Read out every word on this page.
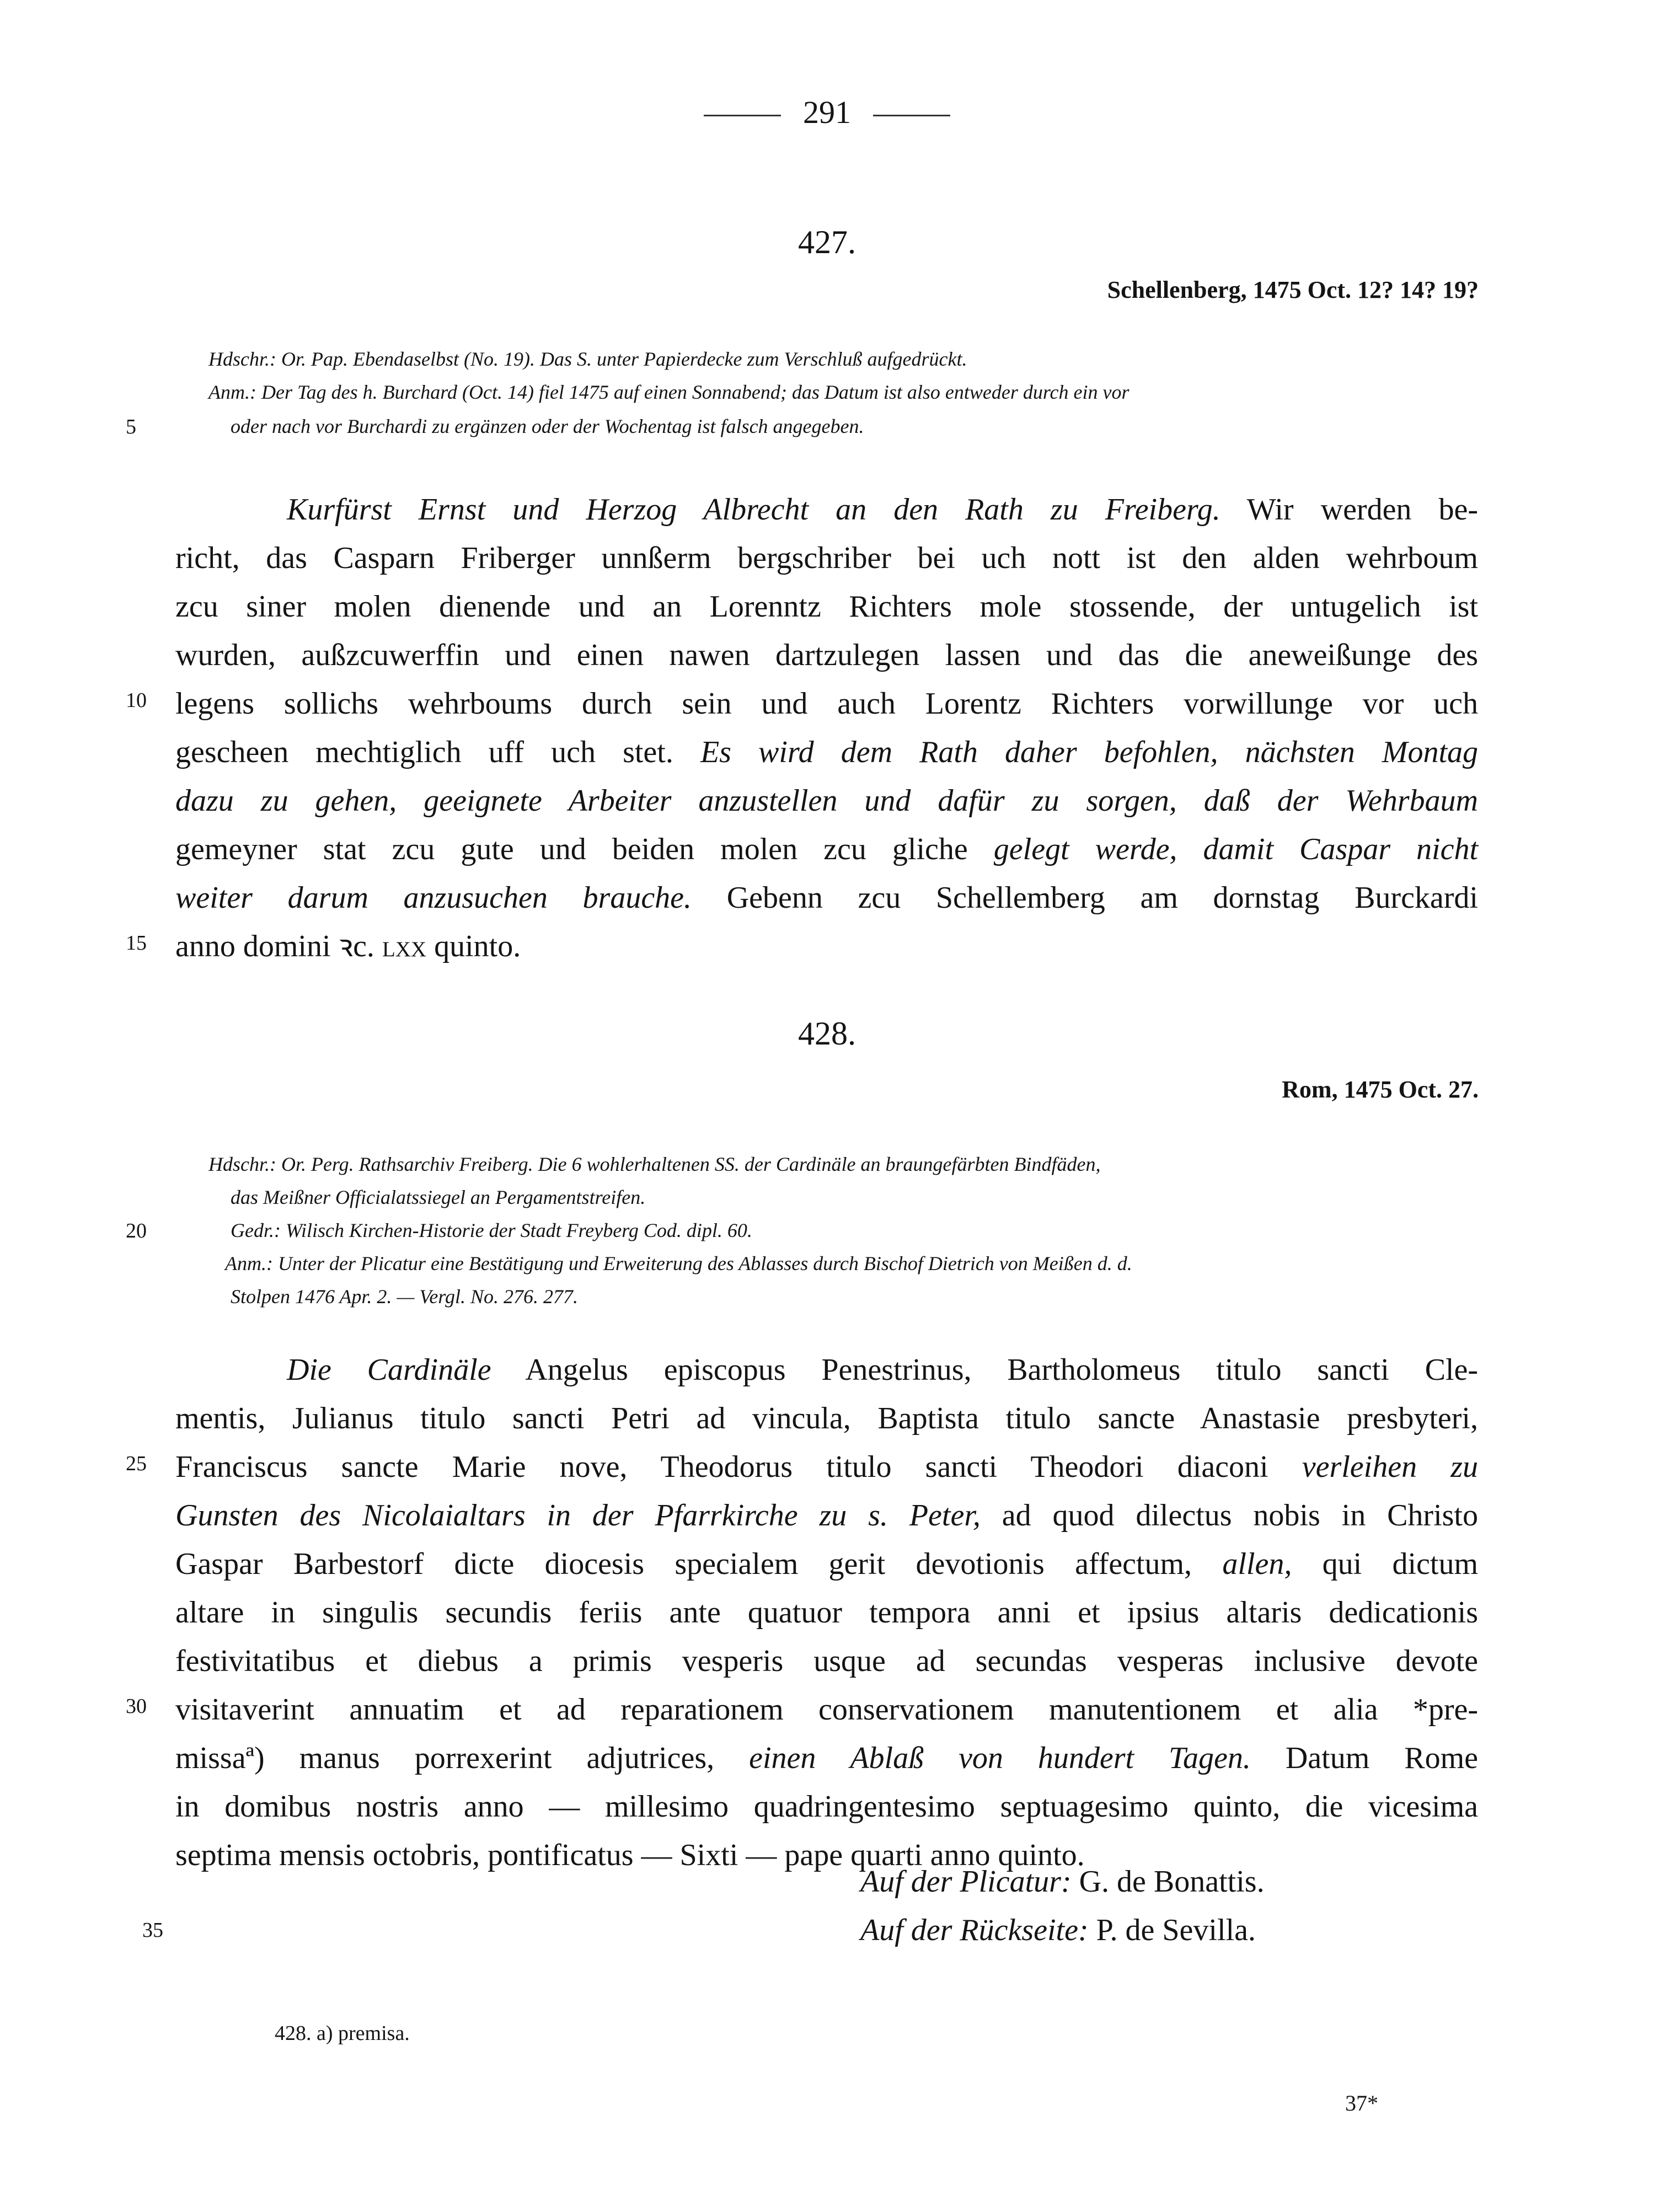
291
427.
Schellenberg, 1475 Oct. 12? 14? 19?
Hdschr.: Or. Pap. Ebendaselbst (No. 19). Das S. unter Papierdecke zum Verschluß aufgedrückt.
Anm.: Der Tag des h. Burchard (Oct. 14) fiel 1475 auf einen Sonnabend; das Datum ist also entweder durch ein vor
oder nach vor Burchardi zu ergänzen oder der Wochentag ist falsch angegeben.
5
Kurfürst Ernst und Herzog Albrecht an den Rath zu Freiberg. Wir werden be-
richt, das Casparn Friberger unnßerm bergschriber bei uch nott ist den alden wehrboum
zcu siner molen dienende und an Lorenntz Richters mole stossende, der untugelich ist
wurden, außzcuwerffin und einen nawen dartzulegen lassen und das die aneweißunge des
legens sollichs wehrboums durch sein und auch Lorentz Richters vorwillunge vor uch
gescheen mechtiglich uff uch stet. Es wird dem Rath daher befohlen, nächsten Montag
dazu zu gehen, geeignete Arbeiter anzustellen und dafür zu sorgen, daß der Wehrbaum
gemeyner stat zcu gute und beiden molen zcu gliche gelegt werde, damit Caspar nicht
weiter darum anzusuchen brauche. Gebenn zcu Schellemberg am dornstag Burckardi
anno domini ꝛc. lxx quinto.
10
15
428.
Rom, 1475 Oct. 27.
Hdschr.: Or. Perg. Rathsarchiv Freiberg. Die 6 wohlerhaltenen SS. der Cardinäle an braungefärbten Bindfäden,
das Meißner Officialatssiegel an Pergamentstreifen.
Gedr.: Wilisch Kirchen-Historie der Stadt Freyberg Cod. dipl. 60.
20
Anm.: Unter der Plicatur eine Bestätigung und Erweiterung des Ablasses durch Bischof Dietrich von Meißen d. d.
Stolpen 1476 Apr. 2. — Vergl. No. 276. 277.
Die Cardinäle Angelus episcopus Penestrinus, Bartholomeus titulo sancti Cle-
mentis, Julianus titulo sancti Petri ad vincula, Baptista titulo sancte Anastasie presbyteri,
Franciscus sancte Marie nove, Theodorus titulo sancti Theodori diaconi verleihen zu
Gunsten des Nicolaialtars in der Pfarrkirche zu s. Peter, ad quod dilectus nobis in Christo
Gaspar Barbestorf dicte diocesis specialem gerit devotionis affectum, allen, qui dictum
altare in singulis secundis feriis ante quatuor tempora anni et ipsius altaris dedicationis
festivitatibus et diebus a primis vesperis usque ad secundas vesperas inclusive devote
visitaverint annuatim et ad reparationem conservationem manutentionem et alia *pre-
missaª) manus porrexerint adjutrices, einen Ablaß von hundert Tagen. Datum Rome
in domibus nostris anno — millesimo quadringentesimo septuagesimo quinto, die vicesima
septima mensis octobris, pontificatus — Sixti — pape quarti anno quinto.
25
30
Auf der Plicatur: G. de Bonattis.
Auf der Rückseite: P. de Sevilla.
35
428. a) premisa.
37*
